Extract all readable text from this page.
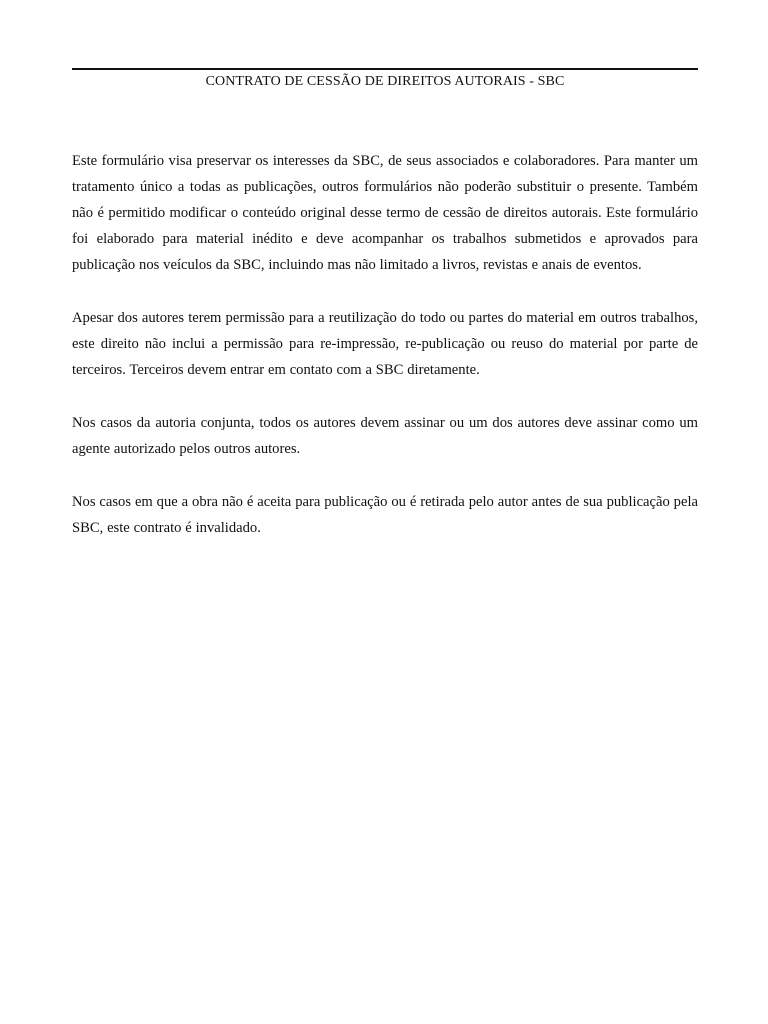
CONTRATO DE CESSÃO DE DIREITOS AUTORAIS - SBC

Este formulário visa preservar os interesses da SBC, de seus associados e colaboradores. Para manter um tratamento único a todas as publicações, outros formulários não poderão substituir o presente. Também não é permitido modificar o conteúdo original desse termo de cessão de direitos autorais. Este formulário foi elaborado para material inédito e deve acompanhar os trabalhos submetidos e aprovados para publicação nos veículos da SBC, incluindo mas não limitado a livros, revistas e anais de eventos.

Apesar dos autores terem permissão para a reutilização do todo ou partes do material em outros trabalhos, este direito não inclui a permissão para re-impressão, re-publicação ou reuso do material por parte de terceiros. Terceiros devem entrar em contato com a SBC diretamente.

Nos casos da autoria conjunta, todos os autores devem assinar ou um dos autores deve assinar como um agente autorizado pelos outros autores.

Nos casos em que a obra não é aceita para publicação ou é retirada pelo autor antes de sua publicação pela SBC, este contrato é invalidado.
